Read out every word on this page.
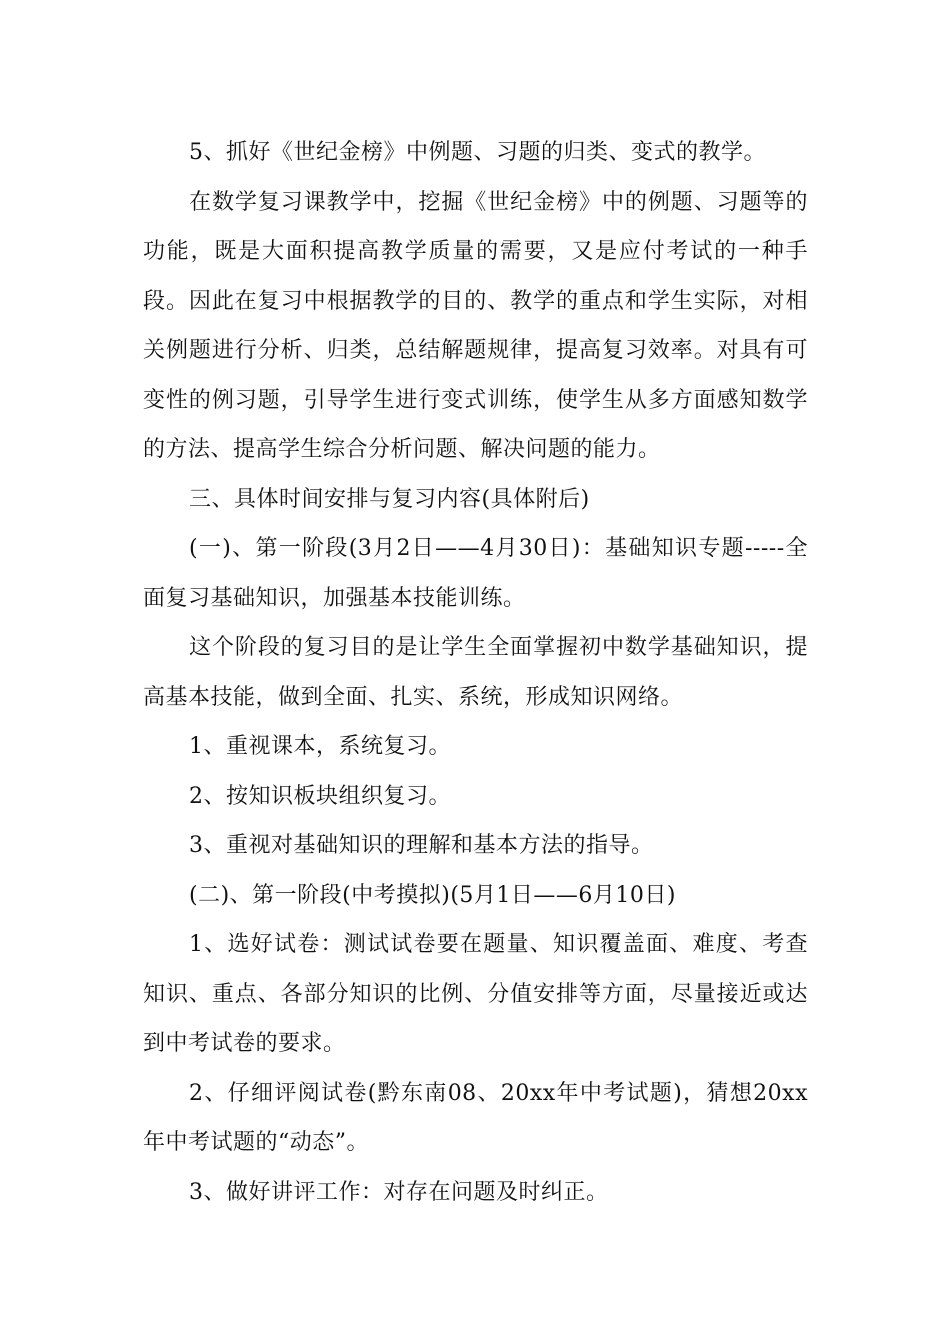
5、抓好《世纪金榜》中例题、习题的归类、变式的教学。

在数学复习课教学中，挖掘《世纪金榜》中的例题、习题等的功能，既是大面积提高教学质量的需要，又是应付考试的一种手段。因此在复习中根据教学的目的、教学的重点和学生实际，对相关例题进行分析、归类，总结解题规律，提高复习效率。对具有可变性的例习题，引导学生进行变式训练，使学生从多方面感知数学的方法、提高学生综合分析问题、解决问题的能力。

三、具体时间安排与复习内容(具体附后)

(一)、第一阶段(3月2日——4月30日)：基础知识专题-----全面复习基础知识，加强基本技能训练。

这个阶段的复习目的是让学生全面掌握初中数学基础知识，提高基本技能，做到全面、扎实、系统，形成知识网络。

1、重视课本，系统复习。

2、按知识板块组织复习。

3、重视对基础知识的理解和基本方法的指导。

(二)、第一阶段(中考摸拟)(5月1日——6月10日)

1、选好试卷：测试试卷要在题量、知识覆盖面、难度、考查知识、重点、各部分知识的比例、分值安排等方面，尽量接近或达到中考试卷的要求。

2、仔细评阅试卷(黔东南08、20xx年中考试题)，猜想20xx年中考试题的“动态”。

3、做好讲评工作：对存在问题及时纠正。
